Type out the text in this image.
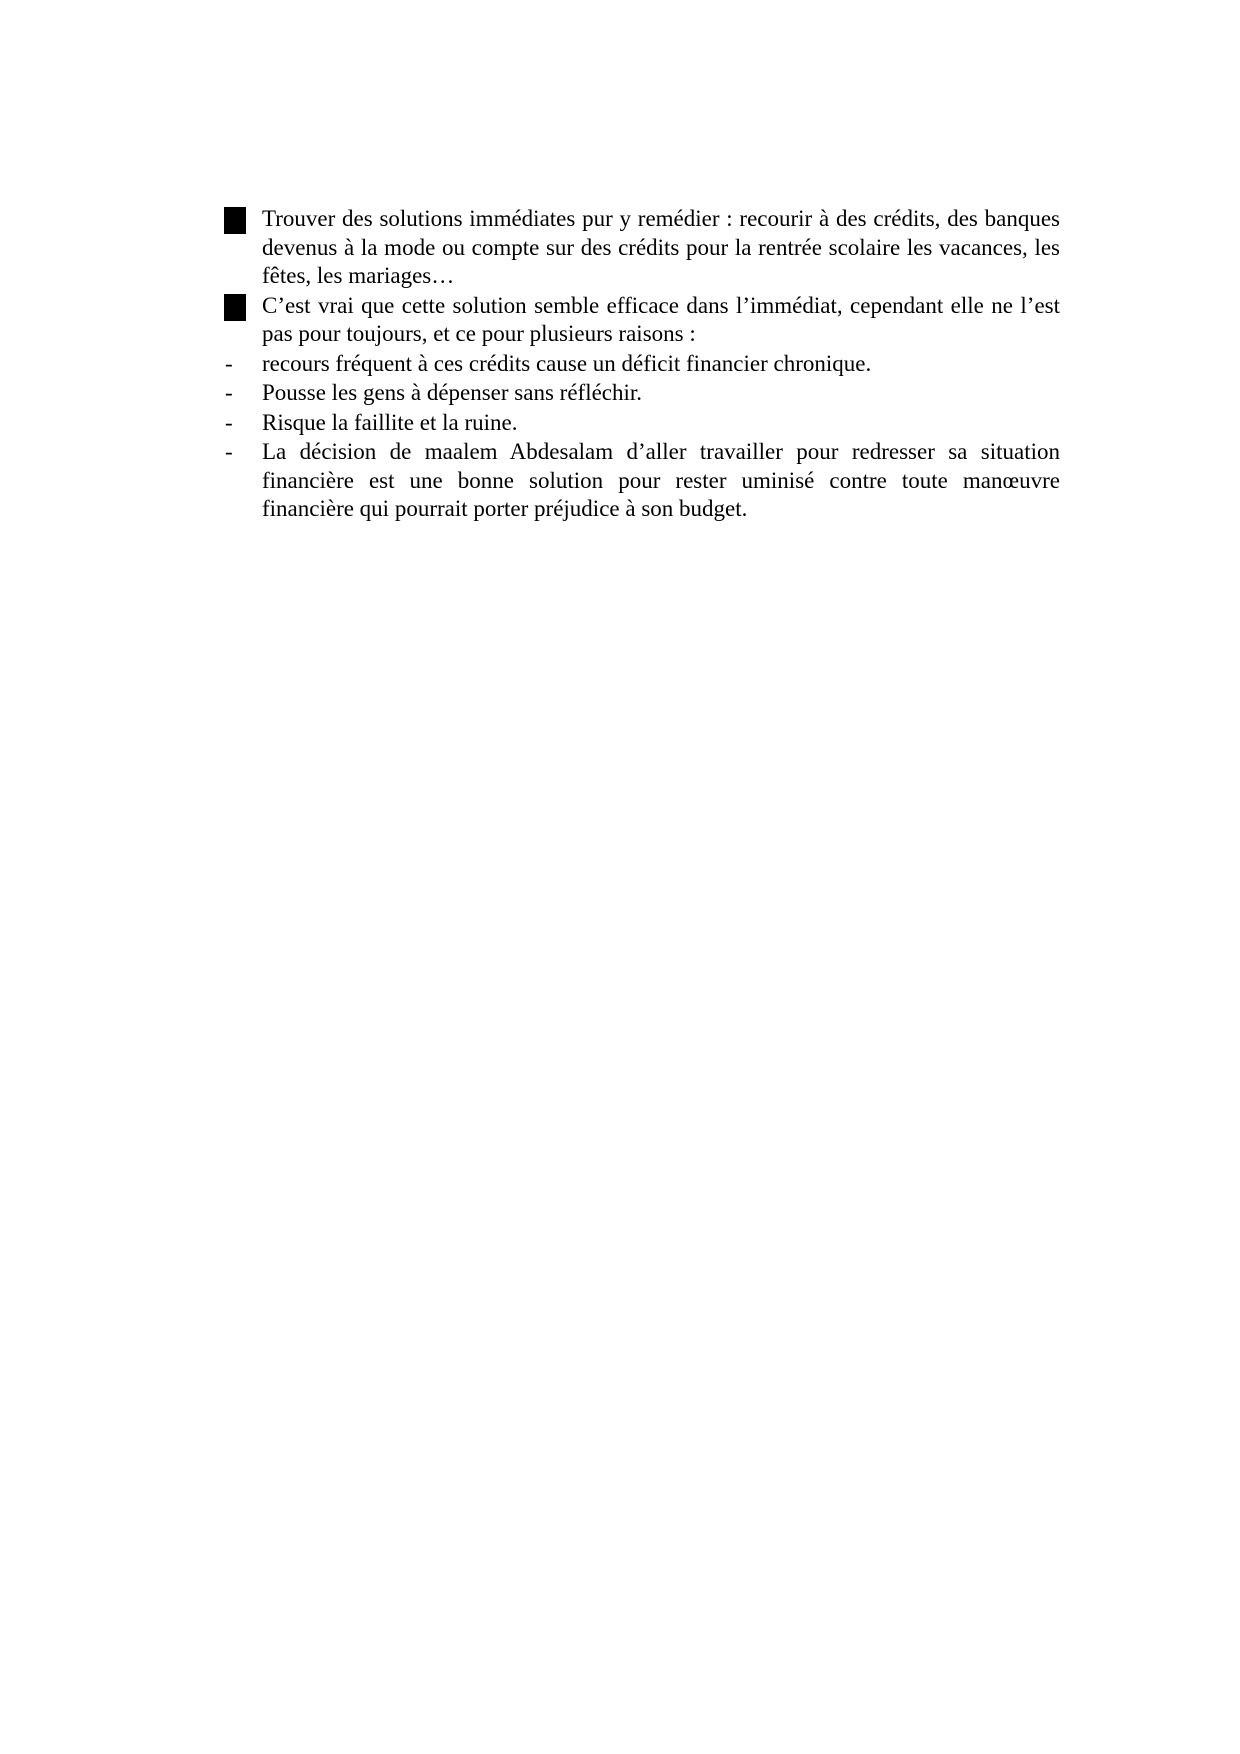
Trouver des solutions immédiates pur y remédier : recourir à des crédits, des banques devenus à la mode ou compte sur des crédits pour la rentrée scolaire les vacances, les fêtes, les mariages…
C’est vrai que cette solution semble efficace dans l’immédiat, cependant elle ne l’est pas pour toujours, et ce pour plusieurs raisons :
-	recours fréquent à ces crédits cause un déficit financier chronique.
-	Pousse les gens à dépenser sans réfléchir.
-	Risque la faillite et la ruine.
-	La décision de maalem Abdesalam d’aller travailler pour redresser sa situation financière est une bonne solution pour rester uminisé contre toute manœuvre financière qui pourrait porter préjudice à son budget.
